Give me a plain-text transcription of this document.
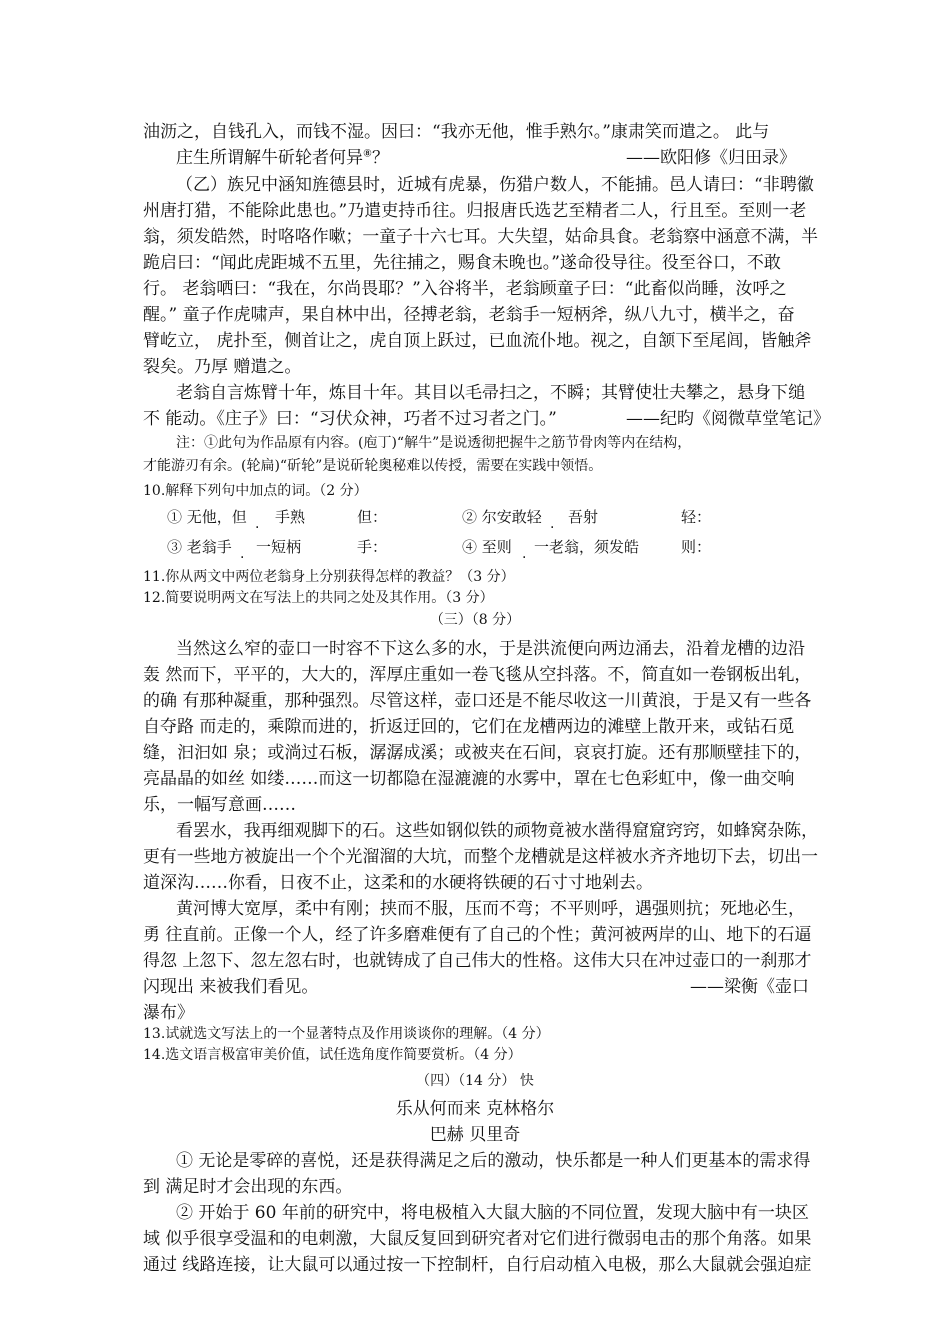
油沥之，自钱孔入，而钱不湿。因曰：“我亦无他，惟手熟尔。”康肃笑而遣之。 此与
庄生所谓解牛斫轮者何异⑧？	——欧阳修《归田录》
（乙）族兄中涵知旌德县时，近城有虎暴，伤猎户数人，不能捕。邑人请曰：“非聘徽
州唐打猎，不能除此患也。”乃遣吏持币往。归报唐氏选艺至精者二人，行且至。至则一老
翁，须发皓然，时咯咯作嗽；一童子十六七耳。大失望，姑命具食。老翁察中涵意不满，半
跪启曰：“闻此虎距城不五里，先往捕之，赐食未晚也。”遂命役导往。役至谷口，不敢
行。 老翁哂曰：“我在，尔尚畏耶？”入谷将半，老翁顾童子曰：“此畜似尚睡，汝呼之
醒。” 童子作虎啸声，果自林中出，径搏老翁，老翁手一短柄斧，纵八九寸，横半之，奋
臂屹立， 虎扑至，侧首让之，虎自顶上跃过，已血流仆地。视之，自颔下至尾闾，皆触斧
裂矣。乃厚 赠遣之。
老翁自言炼臂十年，炼目十年。其目以毛帚扫之，不瞬；其臂使壮夫攀之，悬身下缒
不 能动。《庄子》曰：“习伏众神，巧者不过习者之门。”	——纪昀《阅微草堂笔记》
注：①此句为作品原有内容。(庖丁)“解牛”是说透彻把握牛之筋节骨肉等内在结构，
才能游刃有余。(轮扁)“斫轮”是说斫轮奥秘难以传授，需要在实践中领悟。
10.解释下列句中加点的词。（2 分）
① 无他，但 . 手熟	但：	② 尔安敢轻 . 吾射	轻：
③ 老翁手 . 一短柄	手：	④ 至则 . 一老翁，须发皓	则：
11.你从两文中两位老翁身上分别获得怎样的教益？（3 分）
12.简要说明两文在写法上的共同之处及其作用。（3 分）
（三）（8 分）
当然这么窄的壶口一时容不下这么多的水，于是洪流便向两边涌去，沿着龙槽的边沿
轰 然而下，平平的，大大的，浑厚庄重如一卷飞毯从空抖落。不，简直如一卷钢板出轧，
的确 有那种凝重，那种强烈。尽管这样，壶口还是不能尽收这一川黄浪，于是又有一些各
自夺路 而走的，乘隙而进的，折返迂回的，它们在龙槽两边的滩壁上散开来，或钻石觅
缝，汩汩如 泉；或淌过石板，潺潺成溪；或被夹在石间，哀哀打旋。还有那顺壁挂下的，
亮晶晶的如丝 如缕……而这一切都隐在湿漉漉的水雾中，罩在七色彩虹中，像一曲交响
乐，一幅写意画……
看罢水，我再细观脚下的石。这些如钢似铁的顽物竟被水凿得窟窟窍窍，如蜂窝杂陈，
更有一些地方被旋出一个个光溜溜的大坑，而整个龙槽就是这样被水齐齐地切下去，切出一
道深沟……你看，日夜不止，这柔和的水硬将铁硬的石寸寸地剁去。
黄河博大宽厚，柔中有刚；挟而不服，压而不弯；不平则呼，遇强则抗；死地必生，
勇 往直前。正像一个人，经了许多磨难便有了自己的个性；黄河被两岸的山、地下的石逼
得忽 上忽下、忽左忽右时，也就铸成了自己伟大的性格。这伟大只在冲过壶口的一刹那才
闪现出 来被我们看见。	——梁衡《壶口
瀑布》
13.试就选文写法上的一个显著特点及作用谈谈你的理解。（4 分）
14.选文语言极富审美价值，试任选角度作简要赏析。（4 分）
（四）（14 分） 快
乐从何而来 克林格尔
巴赫 贝里奇
① 无论是零碎的喜悦，还是获得满足之后的激动，快乐都是一种人们更基本的需求得
到 满足时才会出现的东西。
② 开始于 60 年前的研究中，将电极植入大鼠大脑的不同位置，发现大脑中有一块区
域 似乎很享受温和的电刺激，大鼠反复回到研究者对它们进行微弱电击的那个角落。如果
通过 线路连接，让大鼠可以通过按一下控制杆，自行启动植入电极，那么大鼠就会强迫症
